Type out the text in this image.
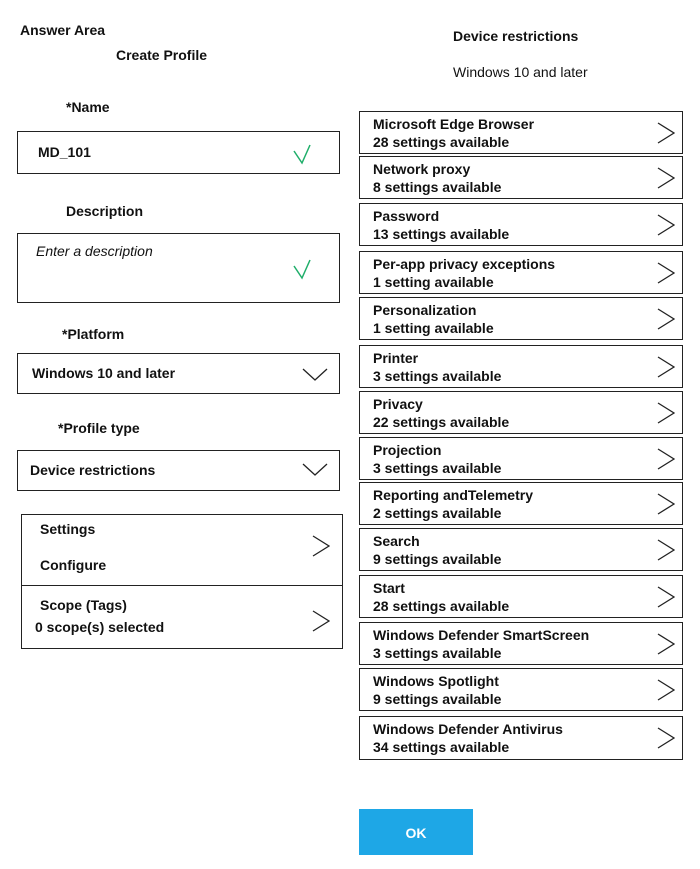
Answer Area
Create Profile
*Name
MD_101
Description
Enter a description
*Platform
Windows 10 and later
*Profile type
Device restrictions
Settings
Configure
Scope (Tags)
0 scope(s) selected
Device restrictions
Windows 10 and later
Microsoft Edge Browser
28 settings available
Network proxy
8 settings available
Password
13 settings available
Per-app privacy exceptions
1 setting available
Personalization
1 setting available
Printer
3 settings available
Privacy
22 settings available
Projection
3 settings available
Reporting andTelemetry
2 settings available
Search
9 settings available
Start
28 settings available
Windows Defender SmartScreen
3 settings available
Windows Spotlight
9 settings available
Windows Defender Antivirus
34 settings available
OK
